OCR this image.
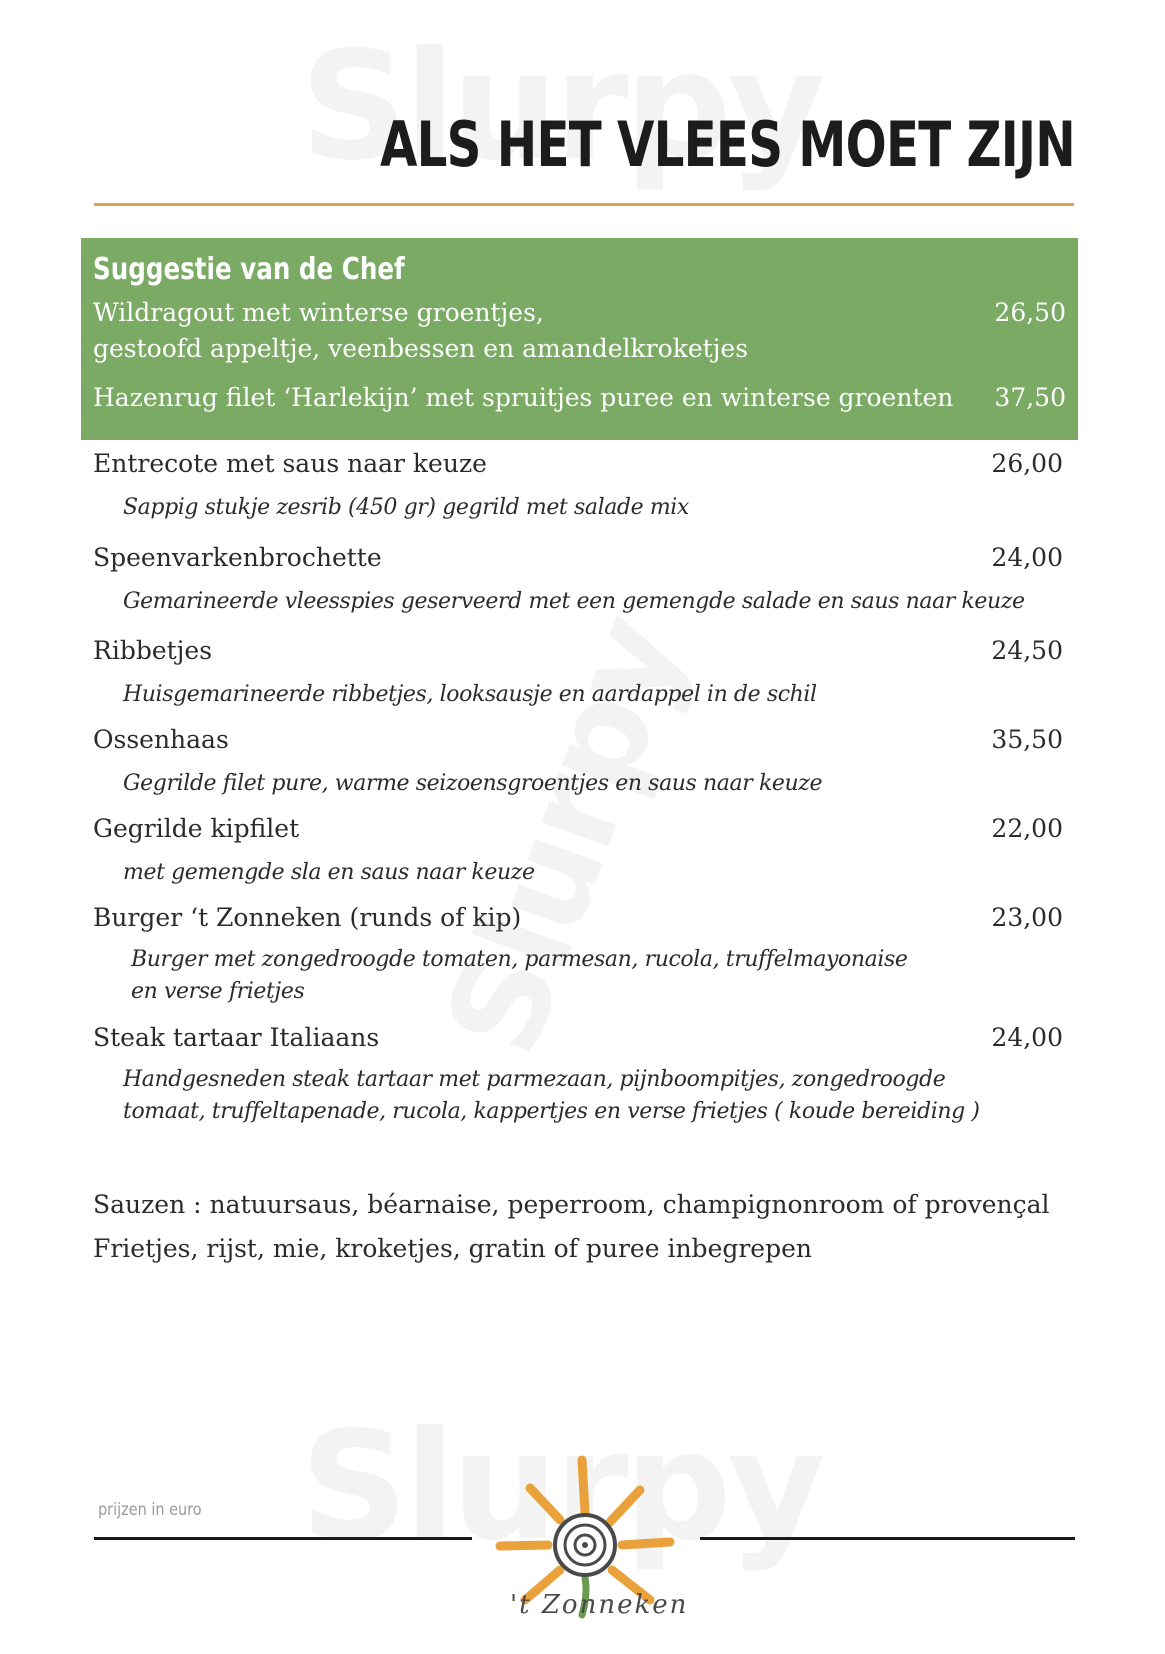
ALS HET VLEES MOET ZIJN
Suggestie van de Chef
Wildragout met winterse groentjes,
gestoofd appeltje, veenbessen en amandelkroketjes
26,50
Hazenrug filet ‘Harlekijn’ met spruitjes puree en winterse groenten 37,50
Entrecote met saus naar keuze	26,00
Sappig stukje zesrib (450 gr) gegrild met salade mix
Speenvarkenbrochette	24,00
Gemarineerde vleesspies geserveerd met een gemengde salade en saus naar keuze
Ribbetjes	24,50
Huisgemarineerde ribbetjes, looksausje en aardappel in de schil
Ossenhaas	35,50
Gegrilde filet pure, warme seizoensgroentjes en saus naar keuze
Gegrilde kipfilet	22,00
met gemengde sla en saus naar keuze
Burger ‘t Zonneken (runds of kip)	23,00
Burger met zongedroogde tomaten, parmesan, rucola, truffelmayonaise
en verse frietjes
Steak tartaar Italiaans	24,00
Handgesneden steak tartaar met parmezaan, pijnboompitjes, zongedroogde
tomaat, truffeltapenade, rucola, kappertjes en verse frietjes ( koude bereiding )
Sauzen : natuursaus, béarnaise, peperroom, champignonroom of provençal
Frietjes, rijst, mie, kroketjes, gratin of puree inbegrepen
prijzen in euro
't Zonneken
